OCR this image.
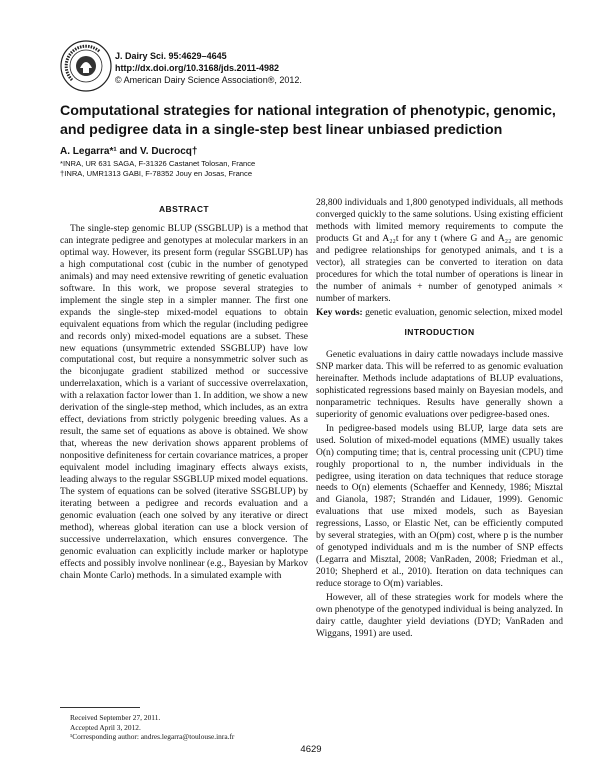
J. Dairy Sci. 95:4629–4645
http://dx.doi.org/10.3168/jds.2011-4982
© American Dairy Science Association®, 2012.
Computational strategies for national integration of phenotypic, genomic, and pedigree data in a single-step best linear unbiased prediction
A. Legarra*¹ and V. Ducrocq†
*INRA, UR 631 SAGA, F-31326 Castanet Tolosan, France
†INRA, UMR1313 GABI, F-78352 Jouy en Josas, France
ABSTRACT
The single-step genomic BLUP (SSGBLUP) is a method that can integrate pedigree and genotypes at molecular markers in an optimal way. However, its present form (regular SSGBLUP) has a high computational cost (cubic in the number of genotyped animals) and may need extensive rewriting of genetic evaluation software. In this work, we propose several strategies to implement the single step in a simpler manner. The first one expands the single-step mixed-model equations to obtain equivalent equations from which the regular (including pedigree and records only) mixed-model equations are a subset. These new equations (unsymmetric extended SSGBLUP) have low computational cost, but require a nonsymmetric solver such as the biconjugate gradient stabilized method or successive underrelaxation, which is a variant of successive overrelaxation, with a relaxation factor lower than 1. In addition, we show a new derivation of the single-step method, which includes, as an extra effect, deviations from strictly polygenic breeding values. As a result, the same set of equations as above is obtained. We show that, whereas the new derivation shows apparent problems of nonpositive definiteness for certain covariance matrices, a proper equivalent model including imaginary effects always exists, leading always to the regular SSGBLUP mixed model equations. The system of equations can be solved (iterative SSGBLUP) by iterating between a pedigree and records evaluation and a genomic evaluation (each one solved by any iterative or direct method), whereas global iteration can use a block version of successive underrelaxation, which ensures convergence. The genomic evaluation can explicitly include marker or haplotype effects and possibly involve nonlinear (e.g., Bayesian by Markov chain Monte Carlo) methods. In a simulated example with
28,800 individuals and 1,800 genotyped individuals, all methods converged quickly to the same solutions. Using existing efficient methods with limited memory requirements to compute the products Gt and A₂₂t for any t (where G and A₂₂ are genomic and pedigree relationships for genotyped animals, and t is a vector), all strategies can be converted to iteration on data procedures for which the total number of operations is linear in the number of animals + number of genotyped animals × number of markers.
Key words: genetic evaluation, genomic selection, mixed model
INTRODUCTION

Genetic evaluations in dairy cattle nowadays include massive SNP marker data. This will be referred to as genomic evaluation hereinafter. Methods include adaptations of BLUP evaluations, sophisticated regressions based mainly on Bayesian models, and nonparametric techniques. Results have generally shown a superiority of genomic evaluations over pedigree-based ones.

In pedigree-based models using BLUP, large data sets are used. Solution of mixed-model equations (MME) usually takes O(n) computing time; that is, central processing unit (CPU) time roughly proportional to n, the number individuals in the pedigree, using iteration on data techniques that reduce storage needs to O(n) elements (Schaeffer and Kennedy, 1986; Misztal and Gianola, 1987; Strandén and Lidauer, 1999). Genomic evaluations that use mixed models, such as Bayesian regressions, Lasso, or Elastic Net, can be efficiently computed by several strategies, with an O(pm) cost, where p is the number of genotyped individuals and m is the number of SNP effects (Legarra and Misztal, 2008; VanRaden, 2008; Friedman et al., 2010; Shepherd et al., 2010). Iteration on data techniques can reduce storage to O(m) variables.

However, all of these strategies work for models where the own phenotype of the genotyped individual is being analyzed. In dairy cattle, daughter yield deviations (DYD; VanRaden and Wiggans, 1991) are used.

Received September 27, 2011.
Accepted April 3, 2012.
¹Corresponding author: andres.legarra@toulouse.inra.fr
4629
